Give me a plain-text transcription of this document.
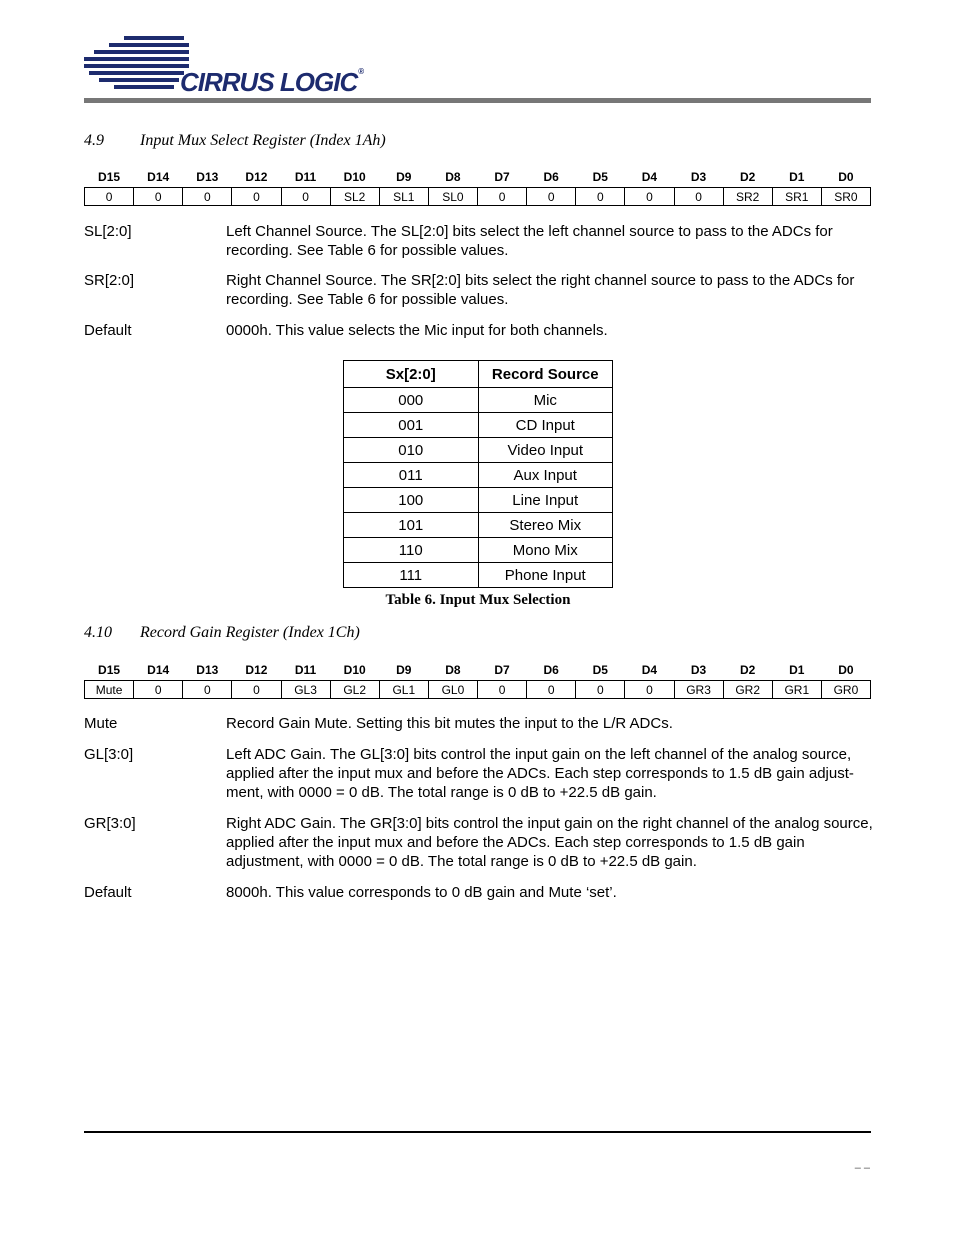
CIRRUS LOGIC®
4.9 Input Mux Select Register (Index 1Ah)
D15	D14	D13	D12	D11	D10	D9	D8	D7	D6	D5	D4	D3	D2	D1	D0
0	0	0	0	0	SL2	SL1	SL0	0	0	0	0	0	SR2	SR1	SR0
SL[2:0]	Left Channel Source. The SL[2:0] bits select the left channel source to pass to the ADCs for recording. See Table 6 for possible values.
SR[2:0]	Right Channel Source. The SR[2:0] bits select the right channel source to pass to the ADCs for recording. See Table 6 for possible values.
Default	0000h. This value selects the Mic input for both channels.
Sx[2:0]	Record Source
000	Mic
001	CD Input
010	Video Input
011	Aux Input
100	Line Input
101	Stereo Mix
110	Mono Mix
111	Phone Input
Table 6. Input Mux Selection
4.10 Record Gain Register (Index 1Ch)
D15	D14	D13	D12	D11	D10	D9	D8	D7	D6	D5	D4	D3	D2	D1	D0
Mute	0	0	0	GL3	GL2	GL1	GL0	0	0	0	0	GR3	GR2	GR1	GR0
Mute	Record Gain Mute. Setting this bit mutes the input to the L/R ADCs.
GL[3:0]	Left ADC Gain. The GL[3:0] bits control the input gain on the left channel of the analog source, applied after the input mux and before the ADCs. Each step corresponds to 1.5 dB gain adjust-ment, with 0000 = 0 dB. The total range is 0 dB to +22.5 dB gain.
GR[3:0]	Right ADC Gain. The GR[3:0] bits control the input gain on the right channel of the analog source, applied after the input mux and before the ADCs. Each step corresponds to 1.5 dB gain adjustment, with 0000 = 0 dB. The total range is 0 dB to +22.5 dB gain.
Default	8000h. This value corresponds to 0 dB gain and Mute ‘set’.
– –
